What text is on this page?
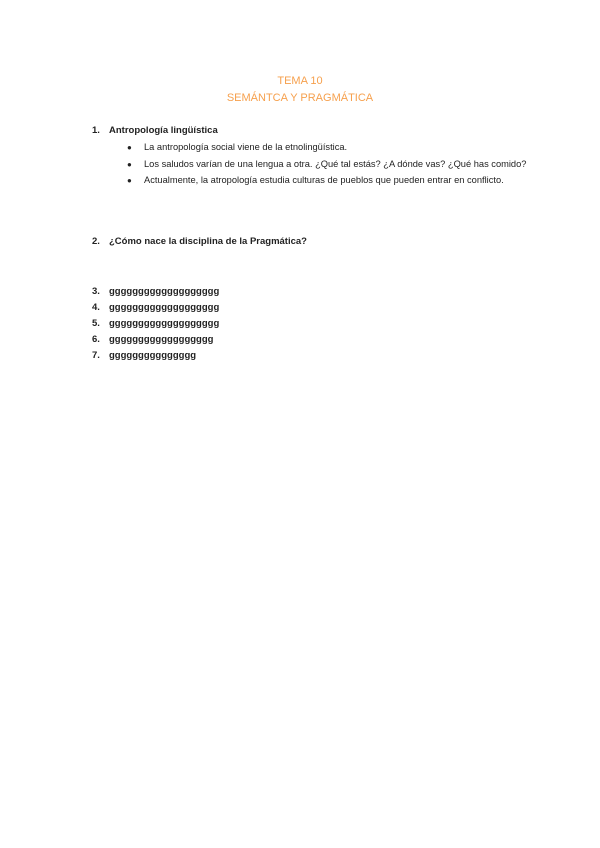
TEMA 10
SEMÁNTCA Y PRAGMÁTICA
1. Antropología lingüística
● La antropología social viene de la etnolingüística.
● Los saludos varían de una lengua a otra. ¿Qué tal estás? ¿A dónde vas? ¿Qué has comido?
● Actualmente, la atropología estudia culturas de pueblos que pueden entrar en conflicto.
2. ¿Cómo nace la disciplina de la Pragmática?
3. ggggggggggggggggggg
4. ggggggggggggggggggg
5. ggggggggggggggggggg
6. gggggggggggggggggg
7. ggggggggggggggg
